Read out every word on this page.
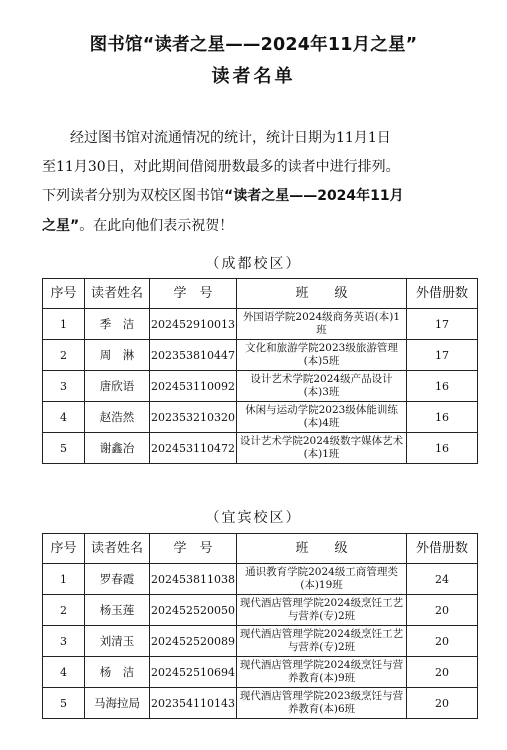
图书馆“读者之星——2024年11月之星”
读者名单
经过图书馆对流通情况的统计，统计日期为11月1日
至11月30日，对此期间借阅册数最多的读者中进行排列。
下列读者分别为双校区图书馆“读者之星——2024年11月
之星”。在此向他们表示祝贺！
（成都校区）
序号	读者姓名	学　号	班　　级	外借册数
1	季　洁	202452910013	外国语学院2024级商务英语(本)1班	17
2	周　淋	202353810447	文化和旅游学院2023级旅游管理(本)5班	17
3	唐欣语	202453110092	设计艺术学院2024级产品设计(本)3班	16
4	赵浩然	202353210320	休闲与运动学院2023级体能训练(本)4班	16
5	谢鑫冶	202453110472	设计艺术学院2024级数字媒体艺术(本)1班	16
（宜宾校区）
序号	读者姓名	学　号	班　　级	外借册数
1	罗春霞	202453811038	通识教育学院2024级工商管理类(本)19班	24
2	杨玉莲	202452520050	现代酒店管理学院2024级烹饪工艺与营养(专)2班	20
3	刘清玉	202452520089	现代酒店管理学院2024级烹饪工艺与营养(专)2班	20
4	杨　洁	202452510694	现代酒店管理学院2024级烹饪与营养教育(本)9班	20
5	马海拉局	202354110143	现代酒店管理学院2023级烹饪与营养教育(本)6班	20
